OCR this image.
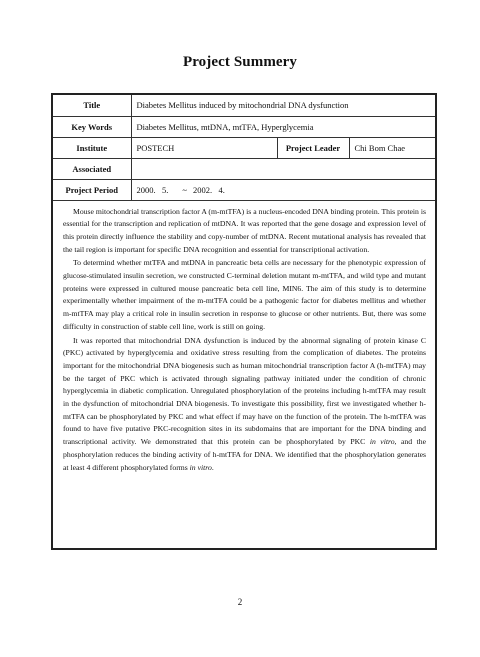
Project Summery
Title	Diabetes Mellitus induced by mitochondrial DNA dysfunction		
Key Words	Diabetes Mellitus, mtDNA, mtTFA, Hyperglycemia		
Institute	POSTECH	Project Leader	Chi Bom Chae
Associated			
Project Period	2000.   5. ~ 2002.   4.		

Mouse mitochondrial transcription factor A (m-mtTFA) is a nucleus-encoded DNA binding protein. This protein is essential for the transcription and replication of mtDNA. It was reported that the gene dosage and expression level of this protein directly influence the stability and copy-number of mtDNA. Recent mutational analysis has revealed that the tail region is important for specific DNA recognition and essential for transcriptional activation.

To determind whether mtTFA and mtDNA in pancreatic beta cells are necessary for the phenotypic expression of glucose-stimulated insulin secretion, we constructed C-terminal deletion mutant m-mtTFA, and wild type and mutant proteins were expressed in cultured mouse pancreatic beta cell line, MIN6. The aim of this study is to determine experimentally whether impairment of the m-mtTFA could be a pathogenic factor for diabetes mellitus and whether m-mtTFA may play a critical role in insulin secretion in response to glucose or other nutrients. But, there was some difficulty in construction of stable cell line, work is still on going.

It was reported that mitochondrial DNA dysfunction is induced by the abnormal signaling of protein kinase C (PKC) activated by hyperglycemia and oxidative stress resulting from the complication of diabetes. The proteins important for the mitochondrial DNA biogenesis such as human mitochondrial transcription factor A (h-mtTFA) may be the target of PKC which is activated through signaling pathway initiated under the condition of chronic hyperglycemia in diabetic complication. Unregulated phosphorylation of the proteins including h-mtTFA may result in the dysfunction of mitochondrial DNA biogenesis. To investigate this possibility, first we investigated whether h-mtTFA can be phosphorylated by PKC and what effect if may have on the function of the protein. The h-mtTFA was found to have five putative PKC-recognition sites in its subdomains that are important for the DNA binding and transcriptional activity. We demonstrated that this protein can be phosphorylated by PKC in vitro, and the phosphorylation reduces the binding activity of h-mtTFA for DNA. We identified that the phosphorylation generates at least 4 different phosphorylated forms in vitro.

2
